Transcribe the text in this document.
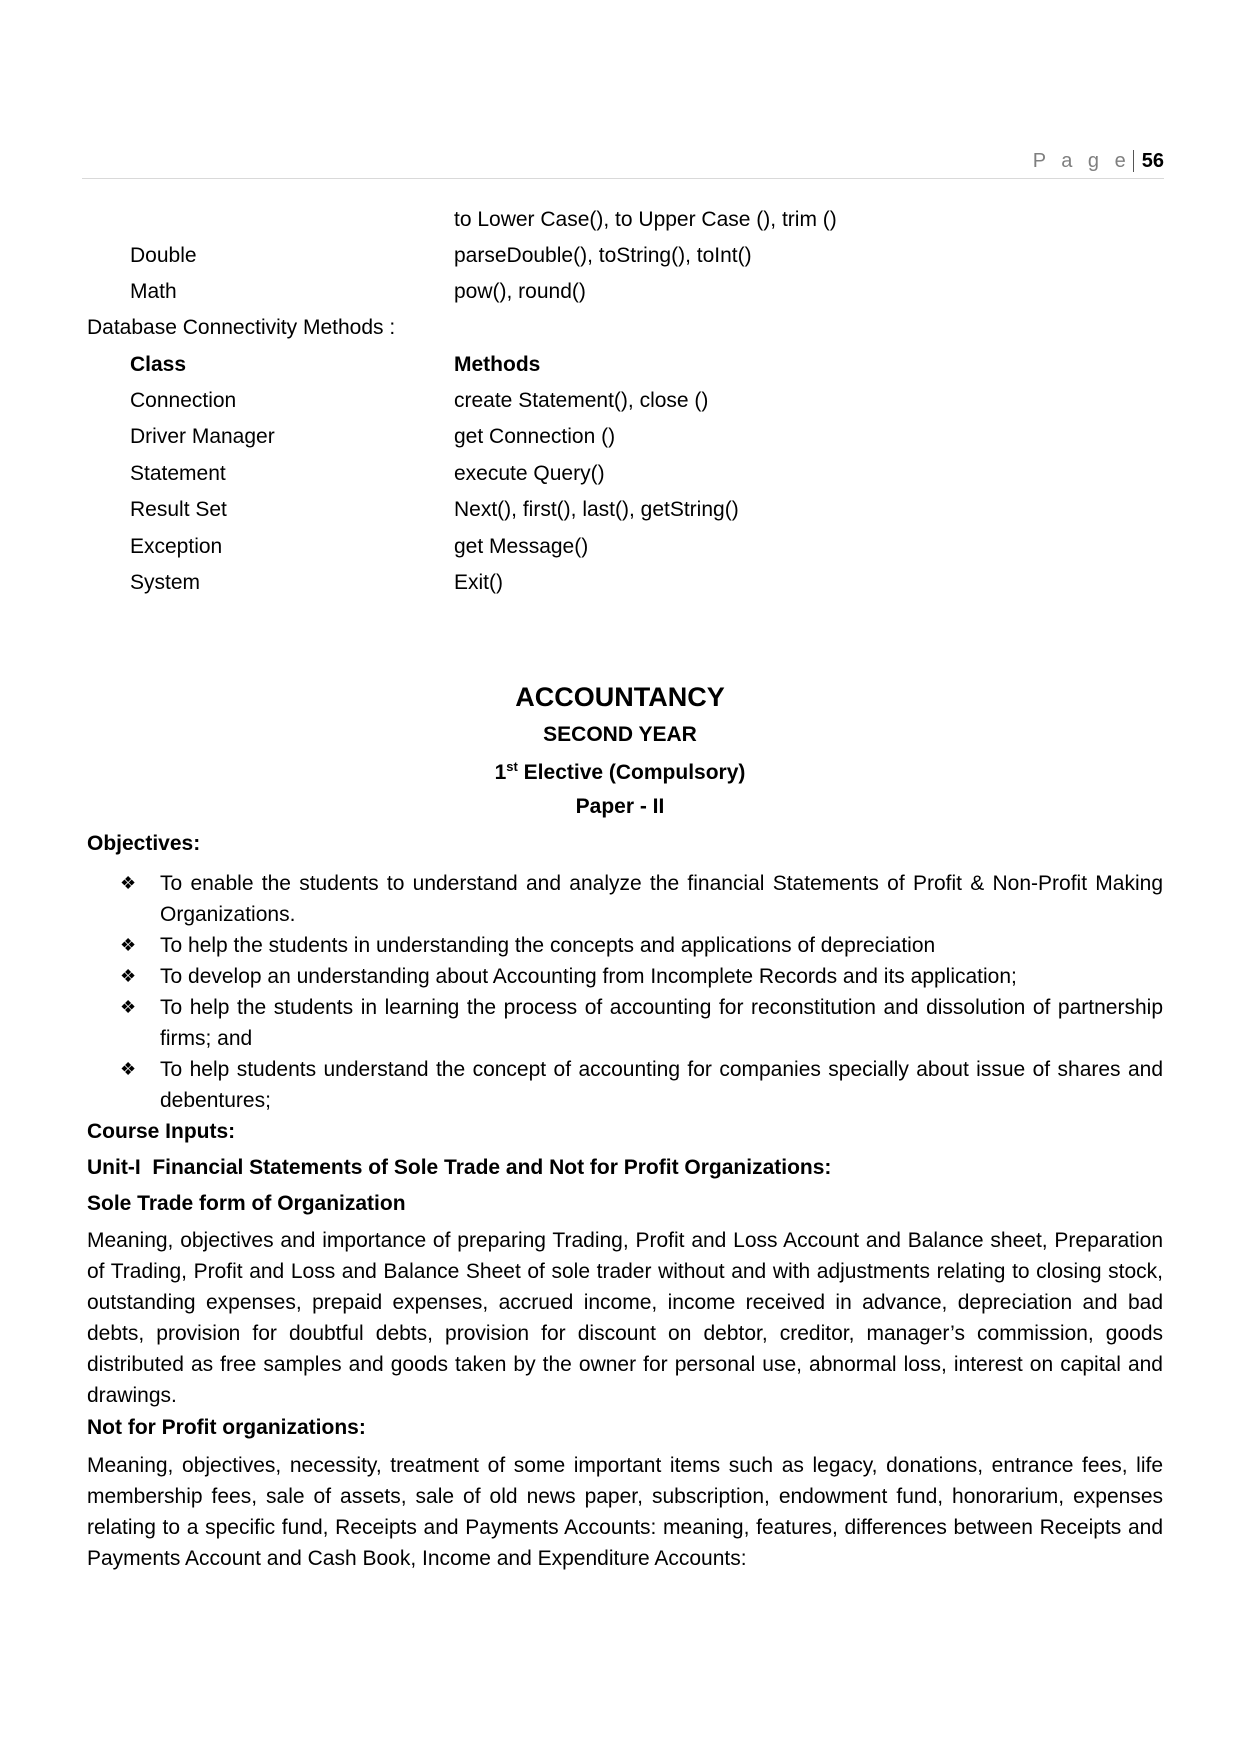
P a g e 56
to Lower Case(), to Upper Case (), trim ()
Double	parseDouble(), toString(), toInt()
Math	pow(), round()
Database Connectivity Methods :
Class	Methods
Connection	create Statement(), close ()
Driver Manager	get Connection ()
Statement	execute Query()
Result Set	Next(), first(), last(), getString()
Exception	get Message()
System	Exit()
ACCOUNTANCY
SECOND YEAR
1st Elective (Compulsory)
Paper - II
Objectives:
❖ To enable the students to understand and analyze the financial Statements of Profit & Non-Profit Making Organizations.
❖ To help the students in understanding the concepts and applications of depreciation
❖ To develop an understanding about Accounting from Incomplete Records and its application;
❖ To help the students in learning the process of accounting for reconstitution and dissolution of partnership firms; and
❖ To help students understand the concept of accounting for companies specially about issue of shares and debentures;
Course Inputs:
Unit-I  Financial Statements of Sole Trade and Not for Profit Organizations:
Sole Trade form of Organization

Meaning, objectives and importance of preparing Trading, Profit and Loss Account and Balance sheet, Preparation of Trading, Profit and Loss and Balance Sheet of sole trader without and with adjustments relating to closing stock, outstanding expenses, prepaid expenses, accrued income, income received in advance, depreciation and bad debts, provision for doubtful debts, provision for discount on debtor, creditor, manager’s commission, goods distributed as free samples and goods taken by the owner for personal use, abnormal loss, interest on capital and drawings.

Not for Profit organizations:

Meaning, objectives, necessity, treatment of some important items such as legacy, donations, entrance fees, life membership fees, sale of assets, sale of old news paper, subscription, endowment fund, honorarium, expenses relating to a specific fund, Receipts and Payments Accounts: meaning, features, differences between Receipts and Payments Account and Cash Book, Income and Expenditure Accounts:
